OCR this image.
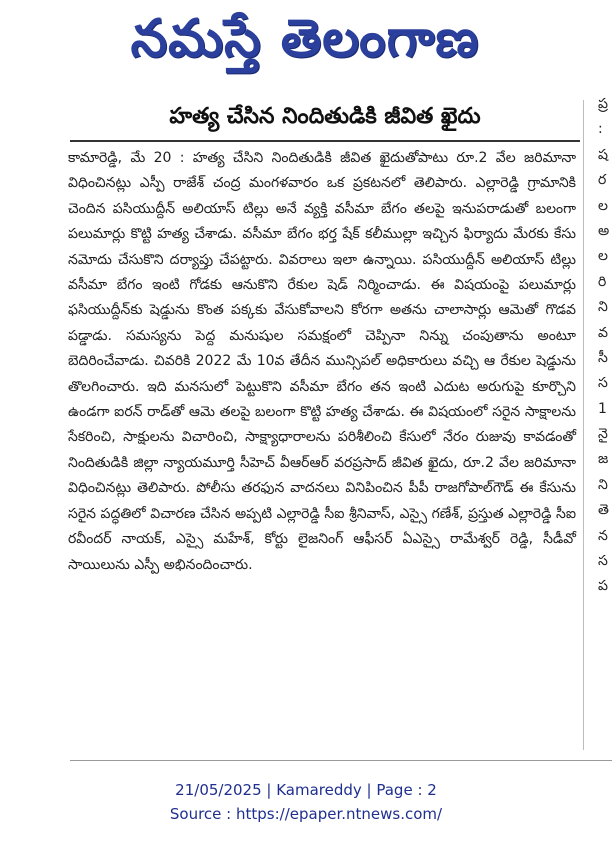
నమస్తే తెలంగాణ
ప్ర
:
ష
ర
ల
అ
ల
రి
ని
వ
సీ
స
1
నై
జ
ని
తె
న
స
ప
హత్య చేసిన నిందితుడికి జీవిత ఖైదు

కామారెడ్డి, మే 20 : హత్య చేసిని నిందితుడికి జీవిత ఖైదుతోపాటు రూ.2 వేల జరిమానా విధించినట్లు ఎస్పీ రాజేశ్ చంద్ర మంగళవారం ఒక ప్రకటనలో తెలిపారు. ఎల్లారెడ్డి గ్రామానికి చెందిన పసియుద్దీన్ అలియాస్ టిల్లు అనే వ్యక్తి వసీమా బేగం తలపై ఇనుపరాడుతో బలంగా పలుమార్లు కొట్టి హత్య చేశాడు. వసీమా బేగం భర్త షేక్ కలీముల్లా ఇచ్చిన ఫిర్యాదు మేరకు కేసు నమోదు చేసుకొని దర్యాప్తు చేపట్టారు. వివరాలు ఇలా ఉన్నాయి. పసియుద్దీన్ అలియాస్ టిల్లు వసీమా బేగం ఇంటి గోడకు ఆనుకొని రేకుల షెడ్ నిర్మించాడు. ఈ విషయంపై పలుమార్లు ఫసియుద్దీన్‌కు షెడ్డును కొంత పక్కకు వేసుకోవాలని కోరగా అతను చాలాసార్లు ఆమెతో గొడవ పడ్డాడు. సమస్యను పెద్ద మనుషుల సమక్షంలో చెప్పినా నిన్ను చంపుతాను అంటూ బెదిరించేవాడు. చివరికి 2022 మే 10వ తేదీన మున్సిపల్ అధికారులు వచ్చి ఆ రేకుల షెడ్డును తొలగించారు. ఇది మనసులో పెట్టుకొని వసీమా బేగం తన ఇంటి ఎదుట అరుగుపై కూర్చొని ఉండగా ఐరన్ రాడ్‌తో ఆమె తలపై బలంగా కొట్టి హత్య చేశాడు. ఈ విషయంలో సరైన సాక్షాలను సేకరించి, సాక్షులను విచారించి, సాక్ష్యాధారాలను పరిశీలించి కేసులో నేరం రుజువు కావడంతో నిందితుడికి జిల్లా న్యాయమూర్తి సీహెచ్ వీఆర్ఆర్ వరప్రసాద్ జీవిత ఖైదు, రూ.2 వేల జరిమానా విధించినట్లు తెలిపారు. పోలీసు తరఫున వాదనలు వినిపించిన పీపీ రాజగోపాల్‌గౌడ్ ఈ కేసును సరైన పద్ధతిలో విచారణ చేసిన అప్పటి ఎల్లారెడ్డి సీఐ శ్రీనివాస్, ఎస్సై గణేశ్, ప్రస్తుత ఎల్లారెడ్డి సీఐ రవీందర్ నాయక్, ఎస్సై మహేశ్, కోర్టు లైజనింగ్ ఆఫీసర్ ఏఎస్సై రామేశ్వర్ రెడ్డి, సీడీవో సాయిలును ఎస్పీ అభినందించారు.

21/05/2025 | Kamareddy | Page : 2
Source : https://epaper.ntnews.com/
